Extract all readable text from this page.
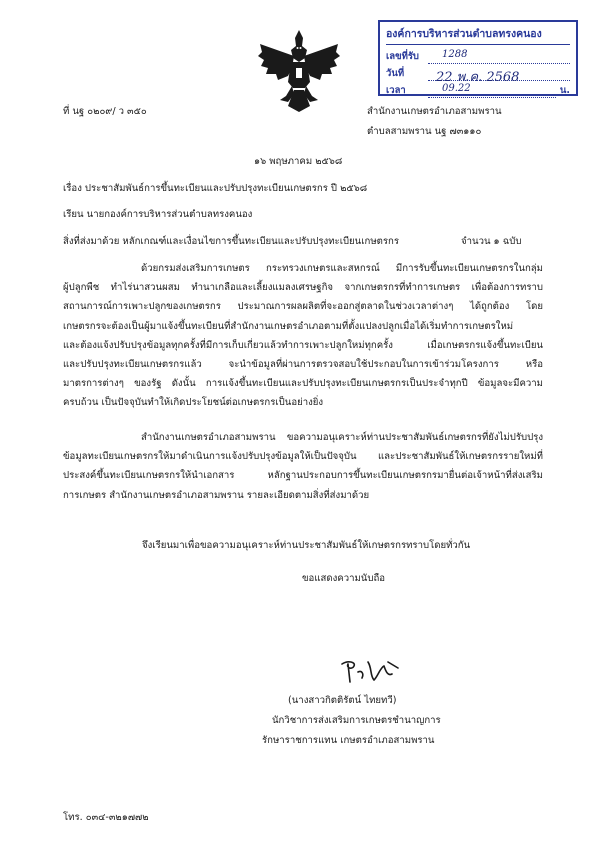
องค์การบริหารส่วนตำบลทรงคนอง
เลขที่รับ	1288
วันที่	22 พ.ค. 2568
เวลา	09.22	น.
ที่ นฐ ๐๒๐๙/ ว ๓๕๐	สำนักงานเกษตรอำเภอสามพราน
ตำบลสามพราน นฐ ๗๓๑๑๐
๑๖ พฤษภาคม ๒๕๖๘
เรื่อง ประชาสัมพันธ์การขึ้นทะเบียนและปรับปรุงทะเบียนเกษตรกร ปี ๒๕๖๘
เรียน นายกองค์การบริหารส่วนตำบลทรงคนอง
สิ่งที่ส่งมาด้วย หลักเกณฑ์และเงื่อนไขการขึ้นทะเบียนและปรับปรุงทะเบียนเกษตรกร	จำนวน ๑ ฉบับ
ด้วยกรมส่งเสริมการเกษตร กระทรวงเกษตรและสหกรณ์ มีการรับขึ้นทะเบียนเกษตรกรในกลุ่ม
ผู้ปลูกพืช ทำไร่นาสวนผสม ทำนาเกลือและเลี้ยงแมลงเศรษฐกิจ จากเกษตรกรที่ทำการเกษตร เพื่อต้องการทราบ
สถานการณ์การเพาะปลูกของเกษตรกร ประมาณการผลผลิตที่จะออกสู่ตลาดในช่วงเวลาต่างๆ ได้ถูกต้อง โดย
เกษตรกรจะต้องเป็นผู้มาแจ้งขึ้นทะเบียนที่สำนักงานเกษตรอำเภอตามที่ตั้งแปลงปลูกเมื่อได้เริ่มทำการเกษตรใหม่
และต้องแจ้งปรับปรุงข้อมูลทุกครั้งที่มีการเก็บเกี่ยวแล้วทำการเพาะปลูกใหม่ทุกครั้ง เมื่อเกษตรกรแจ้งขึ้นทะเบียน
และปรับปรุงทะเบียนเกษตรกรแล้ว จะนำข้อมูลที่ผ่านการตรวจสอบใช้ประกอบในการเข้าร่วมโครงการ หรือ
มาตรการต่างๆ ของรัฐ ดังนั้น การแจ้งขึ้นทะเบียนและปรับปรุงทะเบียนเกษตรกรเป็นประจำทุกปี ข้อมูลจะมีความ
ครบถ้วน เป็นปัจจุบันทำให้เกิดประโยชน์ต่อเกษตรกรเป็นอย่างยิ่ง
สำนักงานเกษตรอำเภอสามพราน ขอความอนุเคราะห์ท่านประชาสัมพันธ์เกษตรกรที่ยังไม่ปรับปรุง
ข้อมูลทะเบียนเกษตรกรให้มาดำเนินการแจ้งปรับปรุงข้อมูลให้เป็นปัจจุบัน และประชาสัมพันธ์ให้เกษตรกรรายใหม่ที่
ประสงค์ขึ้นทะเบียนเกษตรกรให้นำเอกสาร หลักฐานประกอบการขึ้นทะเบียนเกษตรกรมายื่นต่อเจ้าหน้าที่ส่งเสริม
การเกษตร สำนักงานเกษตรอำเภอสามพราน รายละเอียดตามสิ่งที่ส่งมาด้วย
จึงเรียนมาเพื่อขอความอนุเคราะห์ท่านประชาสัมพันธ์ให้เกษตรกรทราบโดยทั่วกัน
ขอแสดงความนับถือ
(นางสาวกิตติรัตน์ ไทยทวี)
นักวิชาการส่งเสริมการเกษตรชำนาญการ
รักษาราชการแทน เกษตรอำเภอสามพราน
โทร. ๐๓๔-๓๒๑๗๗๒
